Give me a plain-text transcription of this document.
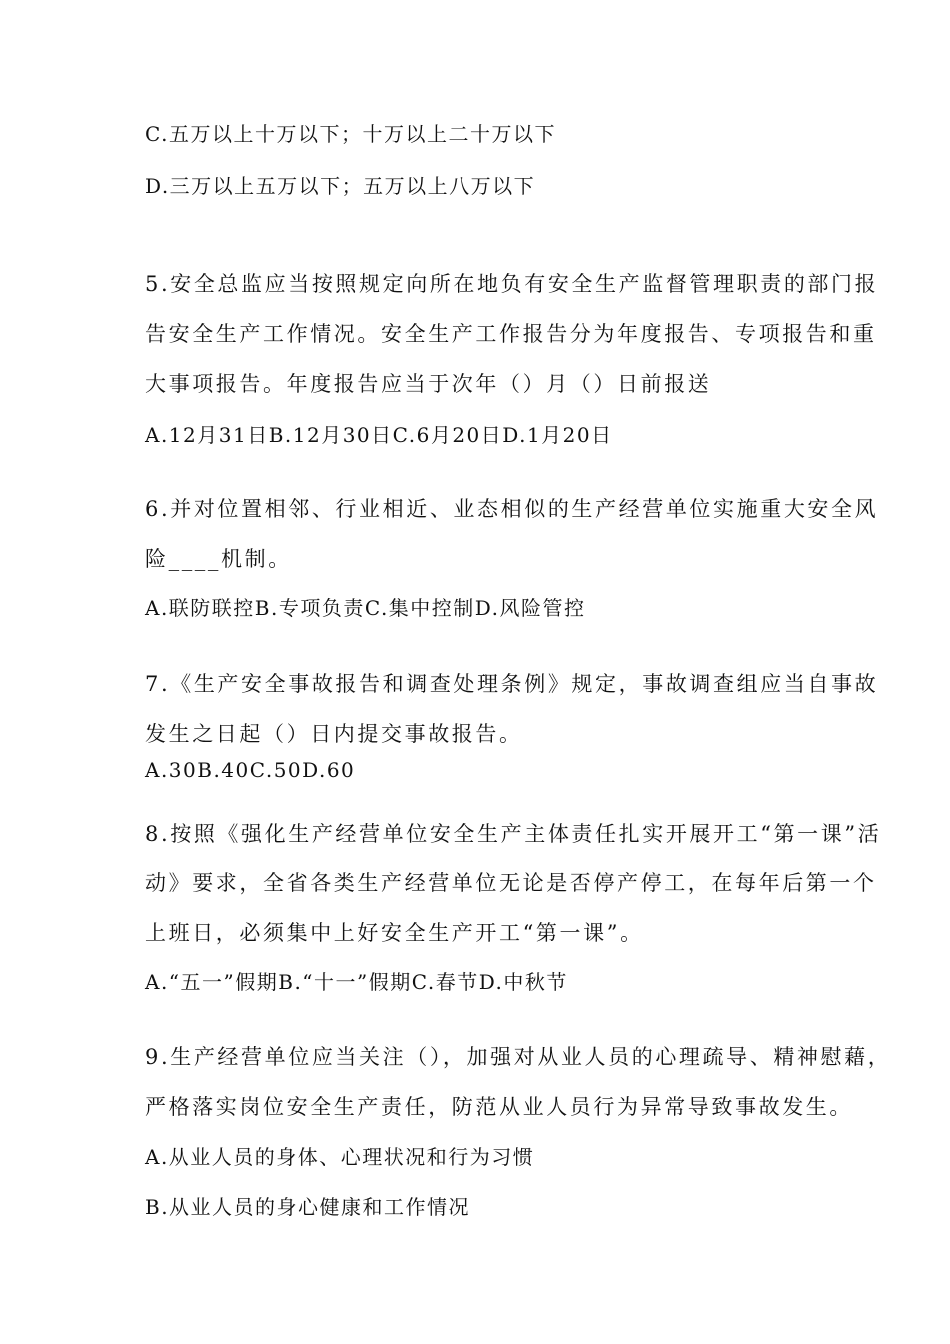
C.五万以上十万以下；十万以上二十万以下
D.三万以上五万以下；五万以上八万以下
5.安全总监应当按照规定向所在地负有安全生产监督管理职责的部门报
告安全生产工作情况。安全生产工作报告分为年度报告、专项报告和重
大事项报告。年度报告应当于次年（）月（）日前报送
A.12月31日B.12月30日C.6月20日D.1月20日
6.并对位置相邻、行业相近、业态相似的生产经营单位实施重大安全风
险____机制。
A.联防联控B.专项负责C.集中控制D.风险管控
7.《生产安全事故报告和调查处理条例》规定，事故调查组应当自事故
发生之日起（）日内提交事故报告。
A.30B.40C.50D.60
8.按照《强化生产经营单位安全生产主体责任扎实开展开工“第一课”活
动》要求，全省各类生产经营单位无论是否停产停工，在每年后第一个
上班日，必须集中上好安全生产开工“第一课”。
A.“五一”假期B.“十一”假期C.春节D.中秋节
9.生产经营单位应当关注（），加强对从业人员的心理疏导、精神慰藉，
严格落实岗位安全生产责任，防范从业人员行为异常导致事故发生。
A.从业人员的身体、心理状况和行为习惯
B.从业人员的身心健康和工作情况
